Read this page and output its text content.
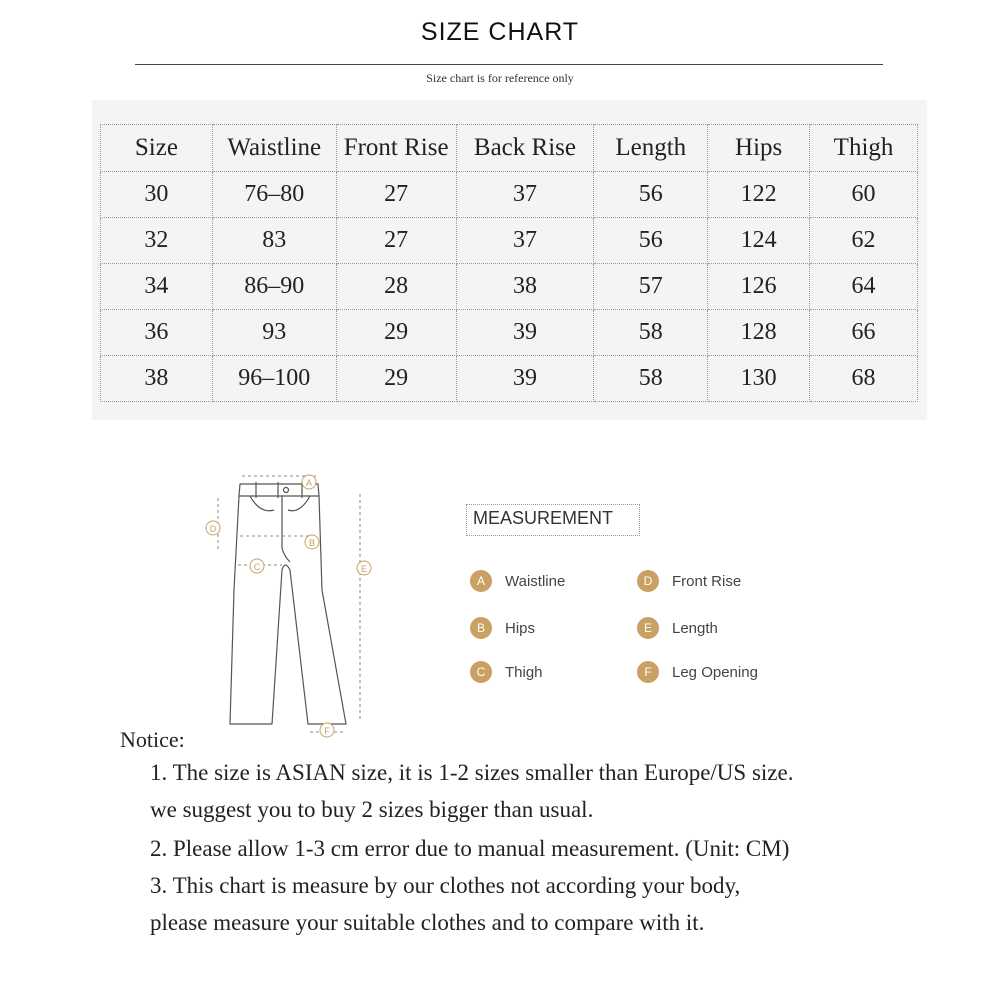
SIZE CHART
Size chart is for reference only
Size	Waistline	Front Rise	Back Rise	Length	Hips	Thigh
30	76–80	27	37	56	122	60
32	83	27	37	56	124	62
34	86–90	28	38	57	126	64
36	93	29	39	58	128	66
38	96–100	29	39	58	130	68
A
B
C
D
E
F
MEASUREMENT
A	Waistline
B	Hips
C	Thigh
D	Front Rise
E	Length
F	Leg Opening
Notice:
1. The size is ASIAN size, it is 1-2 sizes smaller than Europe/US size.
we suggest you to buy 2 sizes bigger than usual.
2. Please allow 1-3 cm error due to manual measurement. (Unit: CM)
3. This chart is measure by our clothes not according your body,
please measure your suitable clothes and to compare with it.
